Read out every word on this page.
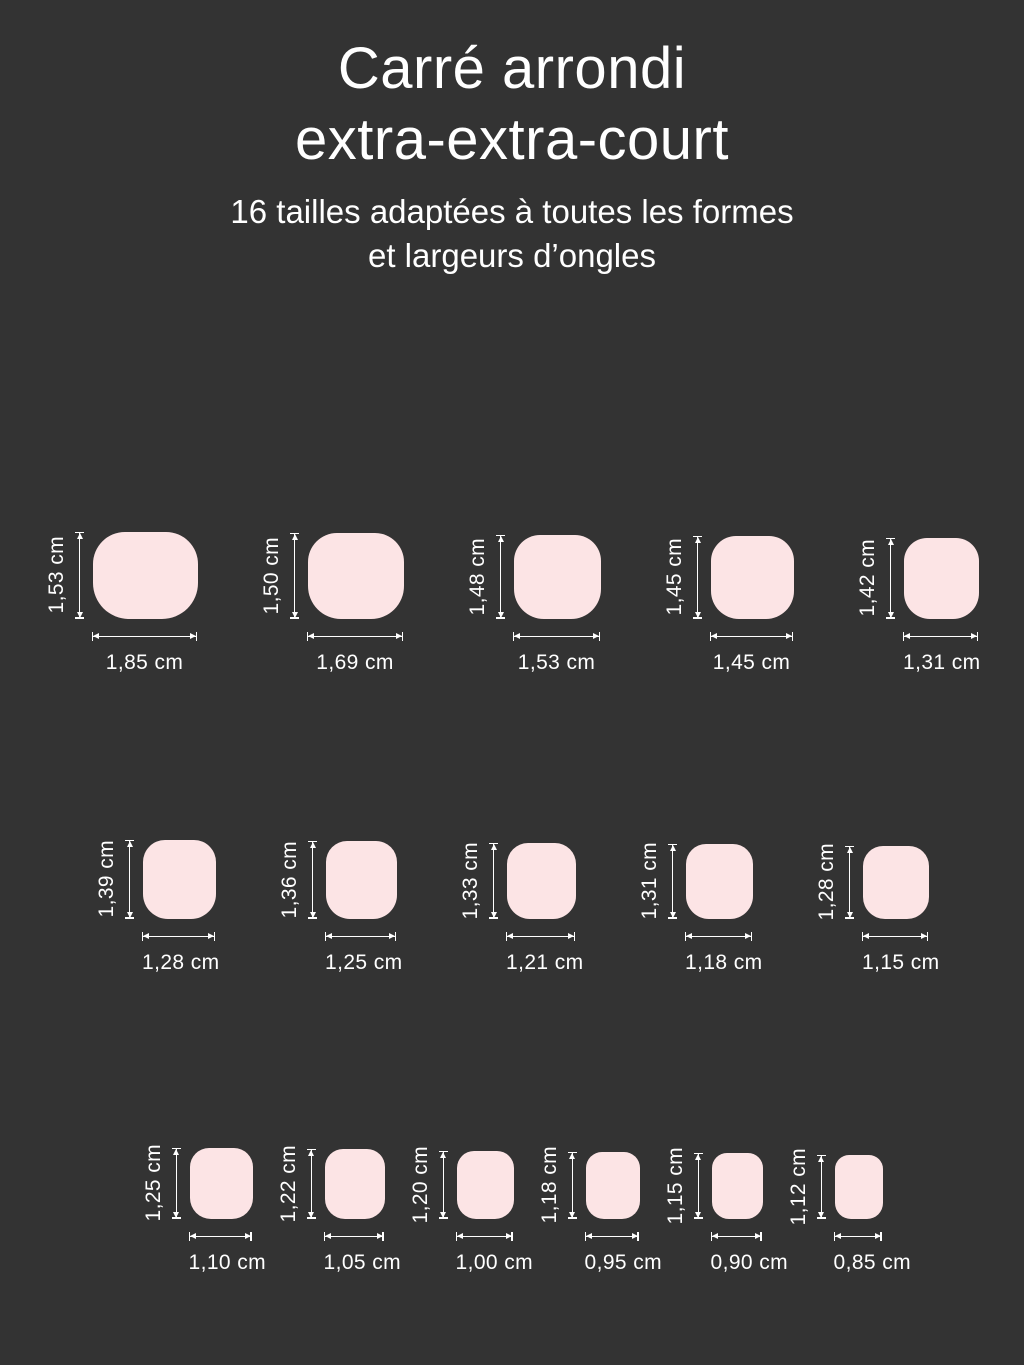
Carré arrondi
extra-extra-court

16 tailles adaptées à toutes les formes
et largeurs d’ongles

1,53 cm
1,85 cm
1,50 cm
1,69 cm
1,48 cm
1,53 cm
1,45 cm
1,45 cm
1,42 cm
1,31 cm
1,39 cm
1,28 cm
1,36 cm
1,25 cm
1,33 cm
1,21 cm
1,31 cm
1,18 cm
1,28 cm
1,15 cm
1,25 cm
1,10 cm
1,22 cm
1,05 cm
1,20 cm
1,00 cm
1,18 cm
0,95 cm
1,15 cm
0,90 cm
1,12 cm
0,85 cm
